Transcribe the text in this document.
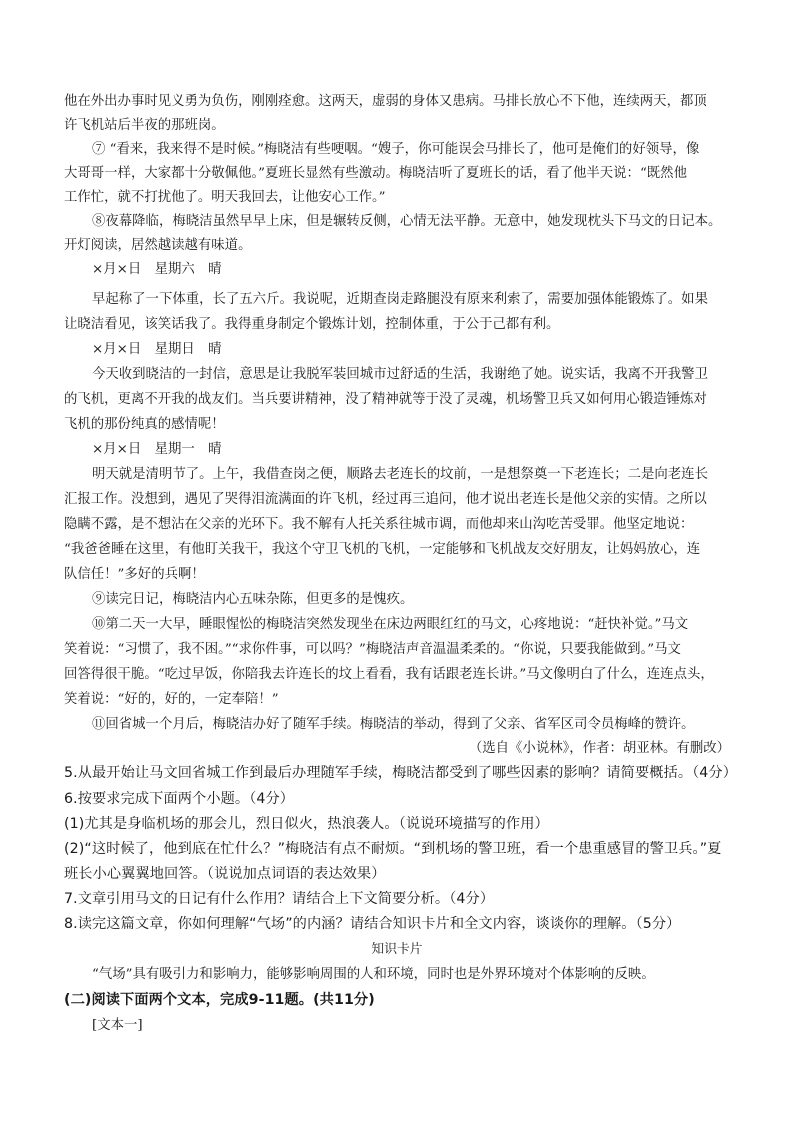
他在外出办事时见义勇为负伤，刚刚痊愈。这两天，虚弱的身体又患病。马排长放心不下他，连续两天，都顶
许飞机站后半夜的那班岗。
⑦ “看来，我来得不是时候。”梅晓洁有些哽咽。“嫂子，你可能误会马排长了，他可是俺们的好领导，像
大哥哥一样，大家都十分敬佩他。”夏班长显然有些激动。梅晓洁听了夏班长的话，看了他半天说：“既然他
工作忙，就不打扰他了。明天我回去，让他安心工作。”
⑧夜幕降临，梅晓洁虽然早早上床，但是辗转反侧，心情无法平静。无意中，她发现枕头下马文的日记本。
开灯阅读，居然越读越有味道。
×月×日　星期六　晴
早起称了一下体重，长了五六斤。我说呢，近期查岗走路腿没有原来利索了，需要加强体能锻炼了。如果
让晓洁看见，该笑话我了。我得重身制定个锻炼计划，控制体重，于公于己都有利。
×月×日　星期日　晴
今天收到晓洁的一封信，意思是让我脱军装回城市过舒适的生活，我谢绝了她。说实话，我离不开我警卫
的飞机，更离不开我的战友们。当兵要讲精神，没了精神就等于没了灵魂，机场警卫兵又如何用心锻造锤炼对
飞机的那份纯真的感情呢！
×月×日　星期一　晴
明天就是清明节了。上午，我借查岗之便，顺路去老连长的坟前，一是想祭奠一下老连长；二是向老连长
汇报工作。没想到，遇见了哭得泪流满面的许飞机，经过再三追问，他才说出老连长是他父亲的实情。之所以
隐瞒不露，是不想沾在父亲的光环下。我不解有人托关系往城市调，而他却来山沟吃苦受罪。他坚定地说：
“我爸爸睡在这里，有他盯关我干，我这个守卫飞机的飞机，一定能够和飞机战友交好朋友，让妈妈放心，连
队信任！”多好的兵啊！
⑨读完日记，梅晓洁内心五味杂陈，但更多的是愧疚。
⑩第二天一大早，睡眼惺忪的梅晓洁突然发现坐在床边两眼红红的马文，心疼地说：“赶快补觉。”马文
笑着说：“习惯了，我不困。”“求你件事，可以吗？”梅晓洁声音温温柔柔的。“你说，只要我能做到。”马文
回答得很干脆。“吃过早饭，你陪我去许连长的坟上看看，我有话跟老连长讲。”马文像明白了什么，连连点头，
笑着说：“好的，好的，一定奉陪！”
⑪回省城一个月后，梅晓洁办好了随军手续。梅晓洁的举动，得到了父亲、省军区司令员梅峰的赞许。
（选自《小说林》，作者：胡亚林。有删改）
5.从最开始让马文回省城工作到最后办理随军手续，梅晓洁都受到了哪些因素的影响？请简要概括。（4分）
6.按要求完成下面两个小题。（4分）
(1)尤其是身临机场的那会儿，烈日似火，热浪袭人。（说说环境描写的作用）
(2)“这时候了，他到底在忙什么？”梅晓洁有点不耐烦。“到机场的警卫班，看一个患重感冒的警卫兵。”夏
班长小心翼翼地回答。（说说加点词语的表达效果）
7.文章引用马文的日记有什么作用？请结合上下文简要分析。（4分）
8.读完这篇文章，你如何理解“气场”的内涵？请结合知识卡片和全文内容，谈谈你的理解。（5分）
知识卡片
“气场”具有吸引力和影响力，能够影响周围的人和环境，同时也是外界环境对个体影响的反映。
(二)阅读下面两个文本，完成9-11题。(共11分)
[文本一]
